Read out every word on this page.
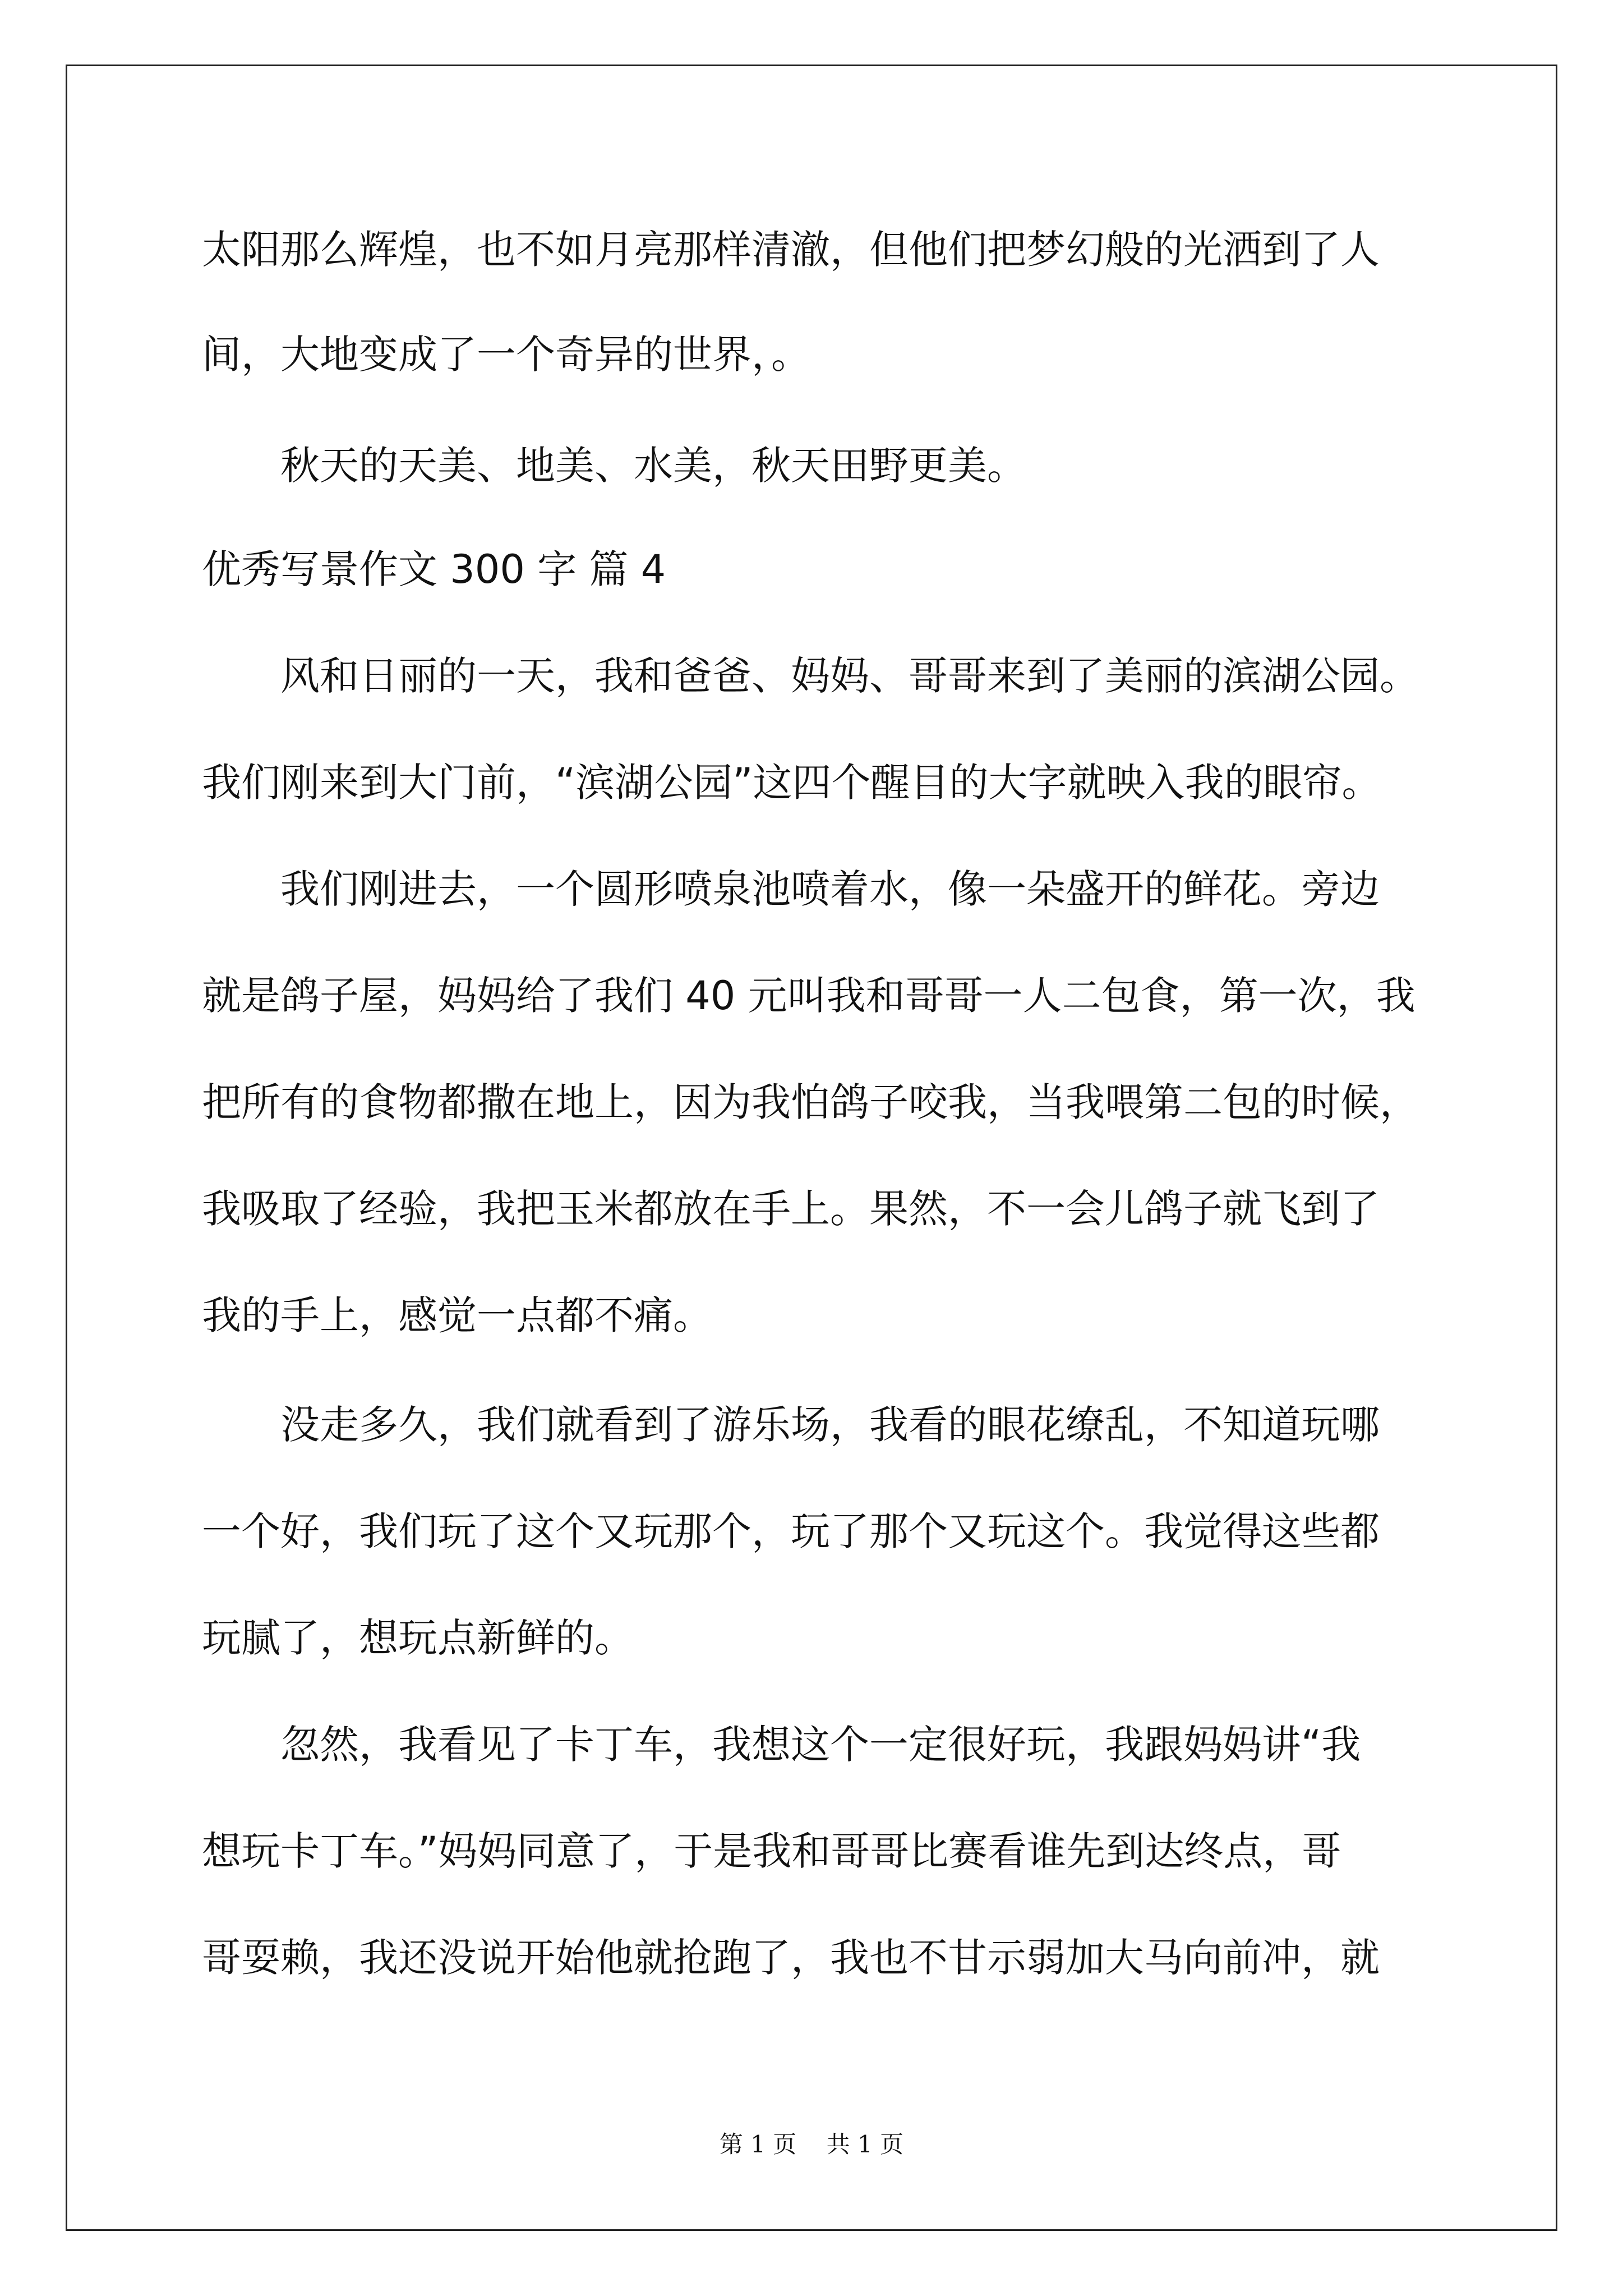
太阳那么辉煌，也不如月亮那样清澈，但他们把梦幻般的光洒到了人
间，大地变成了一个奇异的世界，。
秋天的天美、地美、水美，秋天田野更美。
优秀写景作文 300 字 篇 4
风和日丽的一天，我和爸爸、妈妈、哥哥来到了美丽的滨湖公园。
我们刚来到大门前，“滨湖公园”这四个醒目的大字就映入我的眼帘。
我们刚进去，一个圆形喷泉池喷着水，像一朵盛开的鲜花。旁边
就是鸽子屋，妈妈给了我们 40 元叫我和哥哥一人二包食，第一次，我
把所有的食物都撒在地上，因为我怕鸽子咬我，当我喂第二包的时候，
我吸取了经验，我把玉米都放在手上。果然，不一会儿鸽子就飞到了
我的手上，感觉一点都不痛。
没走多久，我们就看到了游乐场，我看的眼花缭乱，不知道玩哪
一个好，我们玩了这个又玩那个，玩了那个又玩这个。我觉得这些都
玩腻了，想玩点新鲜的。
忽然，我看见了卡丁车，我想这个一定很好玩，我跟妈妈讲“我
想玩卡丁车。”妈妈同意了，于是我和哥哥比赛看谁先到达终点，哥
哥耍赖，我还没说开始他就抢跑了，我也不甘示弱加大马向前冲，就
第 1 页    共 1 页
